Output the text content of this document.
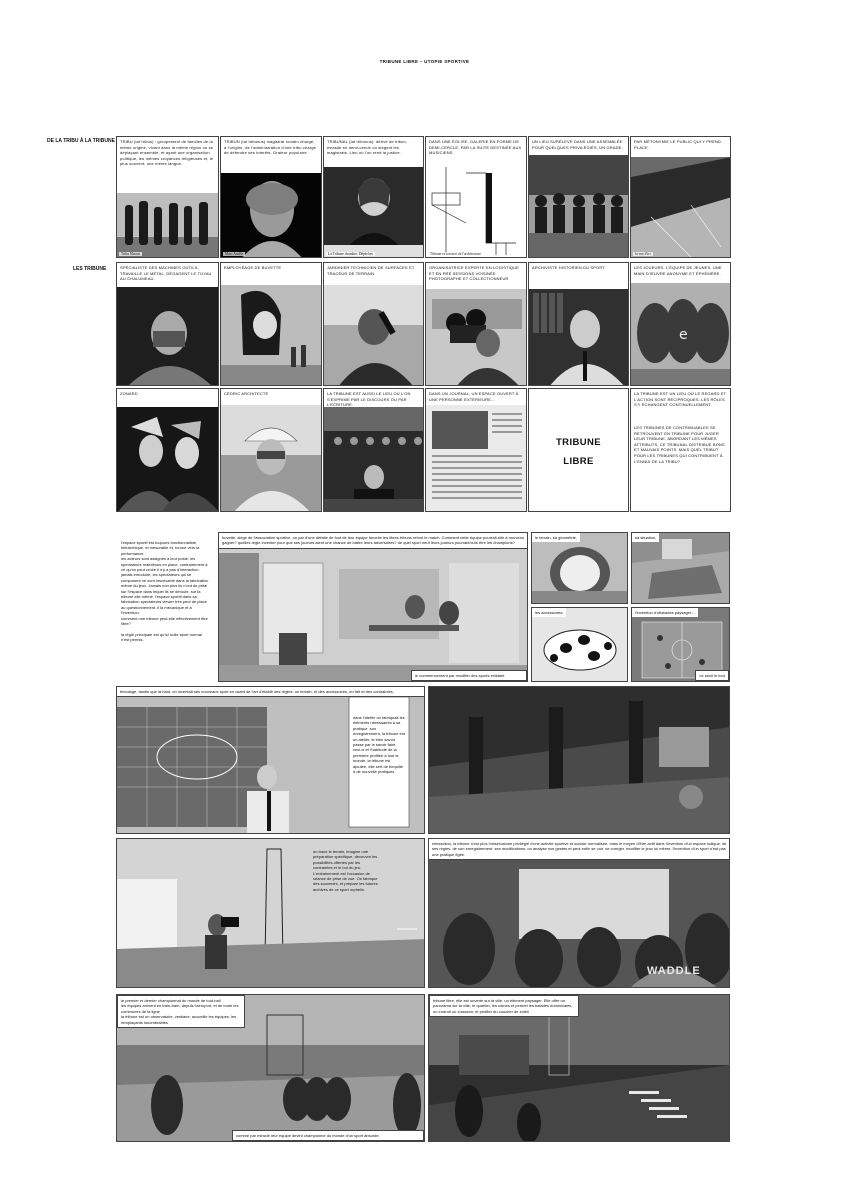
TRIBUNE LIBRE – UTOPIE SPORTIVE
DE LA TRIBU À LA TRIBUNE
LES TRIBUNE
TRIBU (lat tribus) : groupement de familles de la même origine, vivant dans la même région ou se déplaçant ensemble, et ayant une organisation politique, les mêmes croyances religieuses et, le plus souvent, une même langue.
Tribu Massai
TRIBUN (lat tribunus) magistrat romain chargé, à l'origine, de l'administration d'une tribu chargé de défendre ses intérêts. Orateur populaire.
Marc Aurèle
TRIBUNAL (lat tribunus): dérivé de tribun, estrade en demi-cercle où siègent les magistrats. Lieu où l'on rend la justice.
La Tribune chambre. Dépêches
DANS UNE ÉGLISE, GALERIE EN FORME DE DEMI-CERCLE, PAR LA SUITE DESTINÉE AUX MUSICIENS.
Tribune et son mot de l'architecture
UN LIEU SURÉLEVÉ DANS UNE ASSEMBLÉE POUR QUELQUES PRIVILÉGIÉS, UN GRADE.
PAR MÉTONYMIE LE PUBLIC QUI Y PREND PLACE.
la vue d'ici
SPÉCIALISTE DES MACHINES OUTILS, TRAVAILLE LE MÉTAL, DÉGAGENT LE TUYAU AU CHALUMEAU.
EMPLOYÉAGE DE BUVETTE	JARDINIER TECHNICIEN DE SURFACES ET TRACÉUR DE TERRAIN
ORGANISATRICE EXPERTE EN LOGISTIQUE ET EN PRÉ SESSIONS VOISINÉE PHOTOGRAPHE ET COLLECTIONNEUR
ARCHIVISTE HISTORIEN DU SPORT	LES JOUEURS. L'ÉQUIPE DE JEUNES, UNE MAIN D'ŒUVRE ANONYME ET ÉPHÉMÈRE.
e
ZONARD	CÉDRIC ARCHITECTE	LA TRIBUNE EST AUSSI LE LIEU OÙ L'ON S'EXPRIME PAR LE DISCOURS OU PAR L'ÉCRITURE.
DANS UN JOURNAL, UN ESPACE OUVERT À UNE PERSONNE EXTÉRIEURE...
TRIBUNE
LIBRE
LA TRIBUNE EST UN LIEU OÙ LE REGARD ET L'ACTION SONT RÉCIPROQUES. LES RÔLES S'Y ÉCHANGENT CONTINUELLEMENT.
LES TRIBUNES DE CONTRIBUABLES SE RETROUVENT EN TRIBUNE POUR JUGER LEUR TRIBUNE. ABORDANT LES MÊMES ATTRIBUTS, CE TRIBUNAL DISTRIBUE BONS ET MAUVAIS POINTS. MAIS QUEL TRIBUT POUR LES TRIBUNES QUI CONTRIBUENT À L'ENNUI DE LA TRIBU?
l'espace sportif est toujours fonctionnaliste, hiérarchique, et mesurable et, tourné vers la performance.
les acteurs sont assignés à leur poste. les spectateurs maintenus en place, contrairement à ce qu'on peut croire il n'y a pas d'interaction. jamais introduire, les spectateurs qui se composent ne sont inscrivable dans la fabrication même du jeux. Jamais non plus ils n'ont de prise sur l'espace dans lequel ils se déroule. sur la tribune elle même. l'espace sportif dans sa fabrication spectateurs viewer très peut de place au questionnement. il la mécanique et à l'invention.
comment une tribune peut-elle effectivement être libre?

la règle principale est qu'ici nulle sport normal n'est permis.
buvette, siège de l'association sportive, ou par d'une défaite de foot de leur équipe favorite les libres tribuns refont le match. Comment cette équipe pourrait-elle à nouveau gagner? quelles règle inventer pour que ses joueurs aient une chance de battre leurs adversaires? de quel sport neuf leurs joueurs pourraient-ils être les champions?
le commencement par modifier des sports existant
le terrain, sa géométrie,	sa situation,
les accessoires,	l'invention d'obstacles paysager,...
ce seuil le tout
bricolage, tandis que là haut, on inventait ses nouveaux sport en usant de l'art d'établir des règles: un terrain, et des accessoires, en fait et des contraintes,
dans l'atelier on fabriquait les éléments nécessaires à sa pratique. son enregistrement, la tribune est un atelier, le bien savoir passe par le savoir faire.
ceci-ci et l'habitude de la première profitée à tout le monde. la tribune est ajoutée, elle sert de bequille à de nouvelle pratiques
on trace le terrain, imagine une préparation spécifique, découvre les possibilités offertes par les contraintes et le but du jeu. L'entrainement est l'occasion de séance de prise de vue. On fabrique des souvenirs, et prépare les futures archives de ce sport orphelin.
rétroaction, la tribune n'est plus l'observatoire privilégié d'une activité sportive et sociale normalisée, mais le moyen d'être actif dans l'invention d'un espace ludique. de ses règles. de son enregistrement. ses modifications. on analyse nos gestes et peut enfin se voir. se corriger. modifier le jeux lui même. l'invention d'un sport n'est pas une pratique figée.
WADDLE
le premier et dernier championnat du monde de tout-ball
les équipes arrivent en train-tram, depuis l'aéroport, et de toute les communes de la ligne
la tribune est un observatoire, vestiaire, accueille les équipes, les remplaçants innombrables
comme par miracle leur équipe devint championne du monde d'un sport absurde.
tribune libre, elle est ouverte sur la ville. un élément paysager. Elle offre un panorama sur la ville, le quartier, les usines et permet les balades dominicales, un endroit où s'asseoir, et profiter du coucher de soleil
